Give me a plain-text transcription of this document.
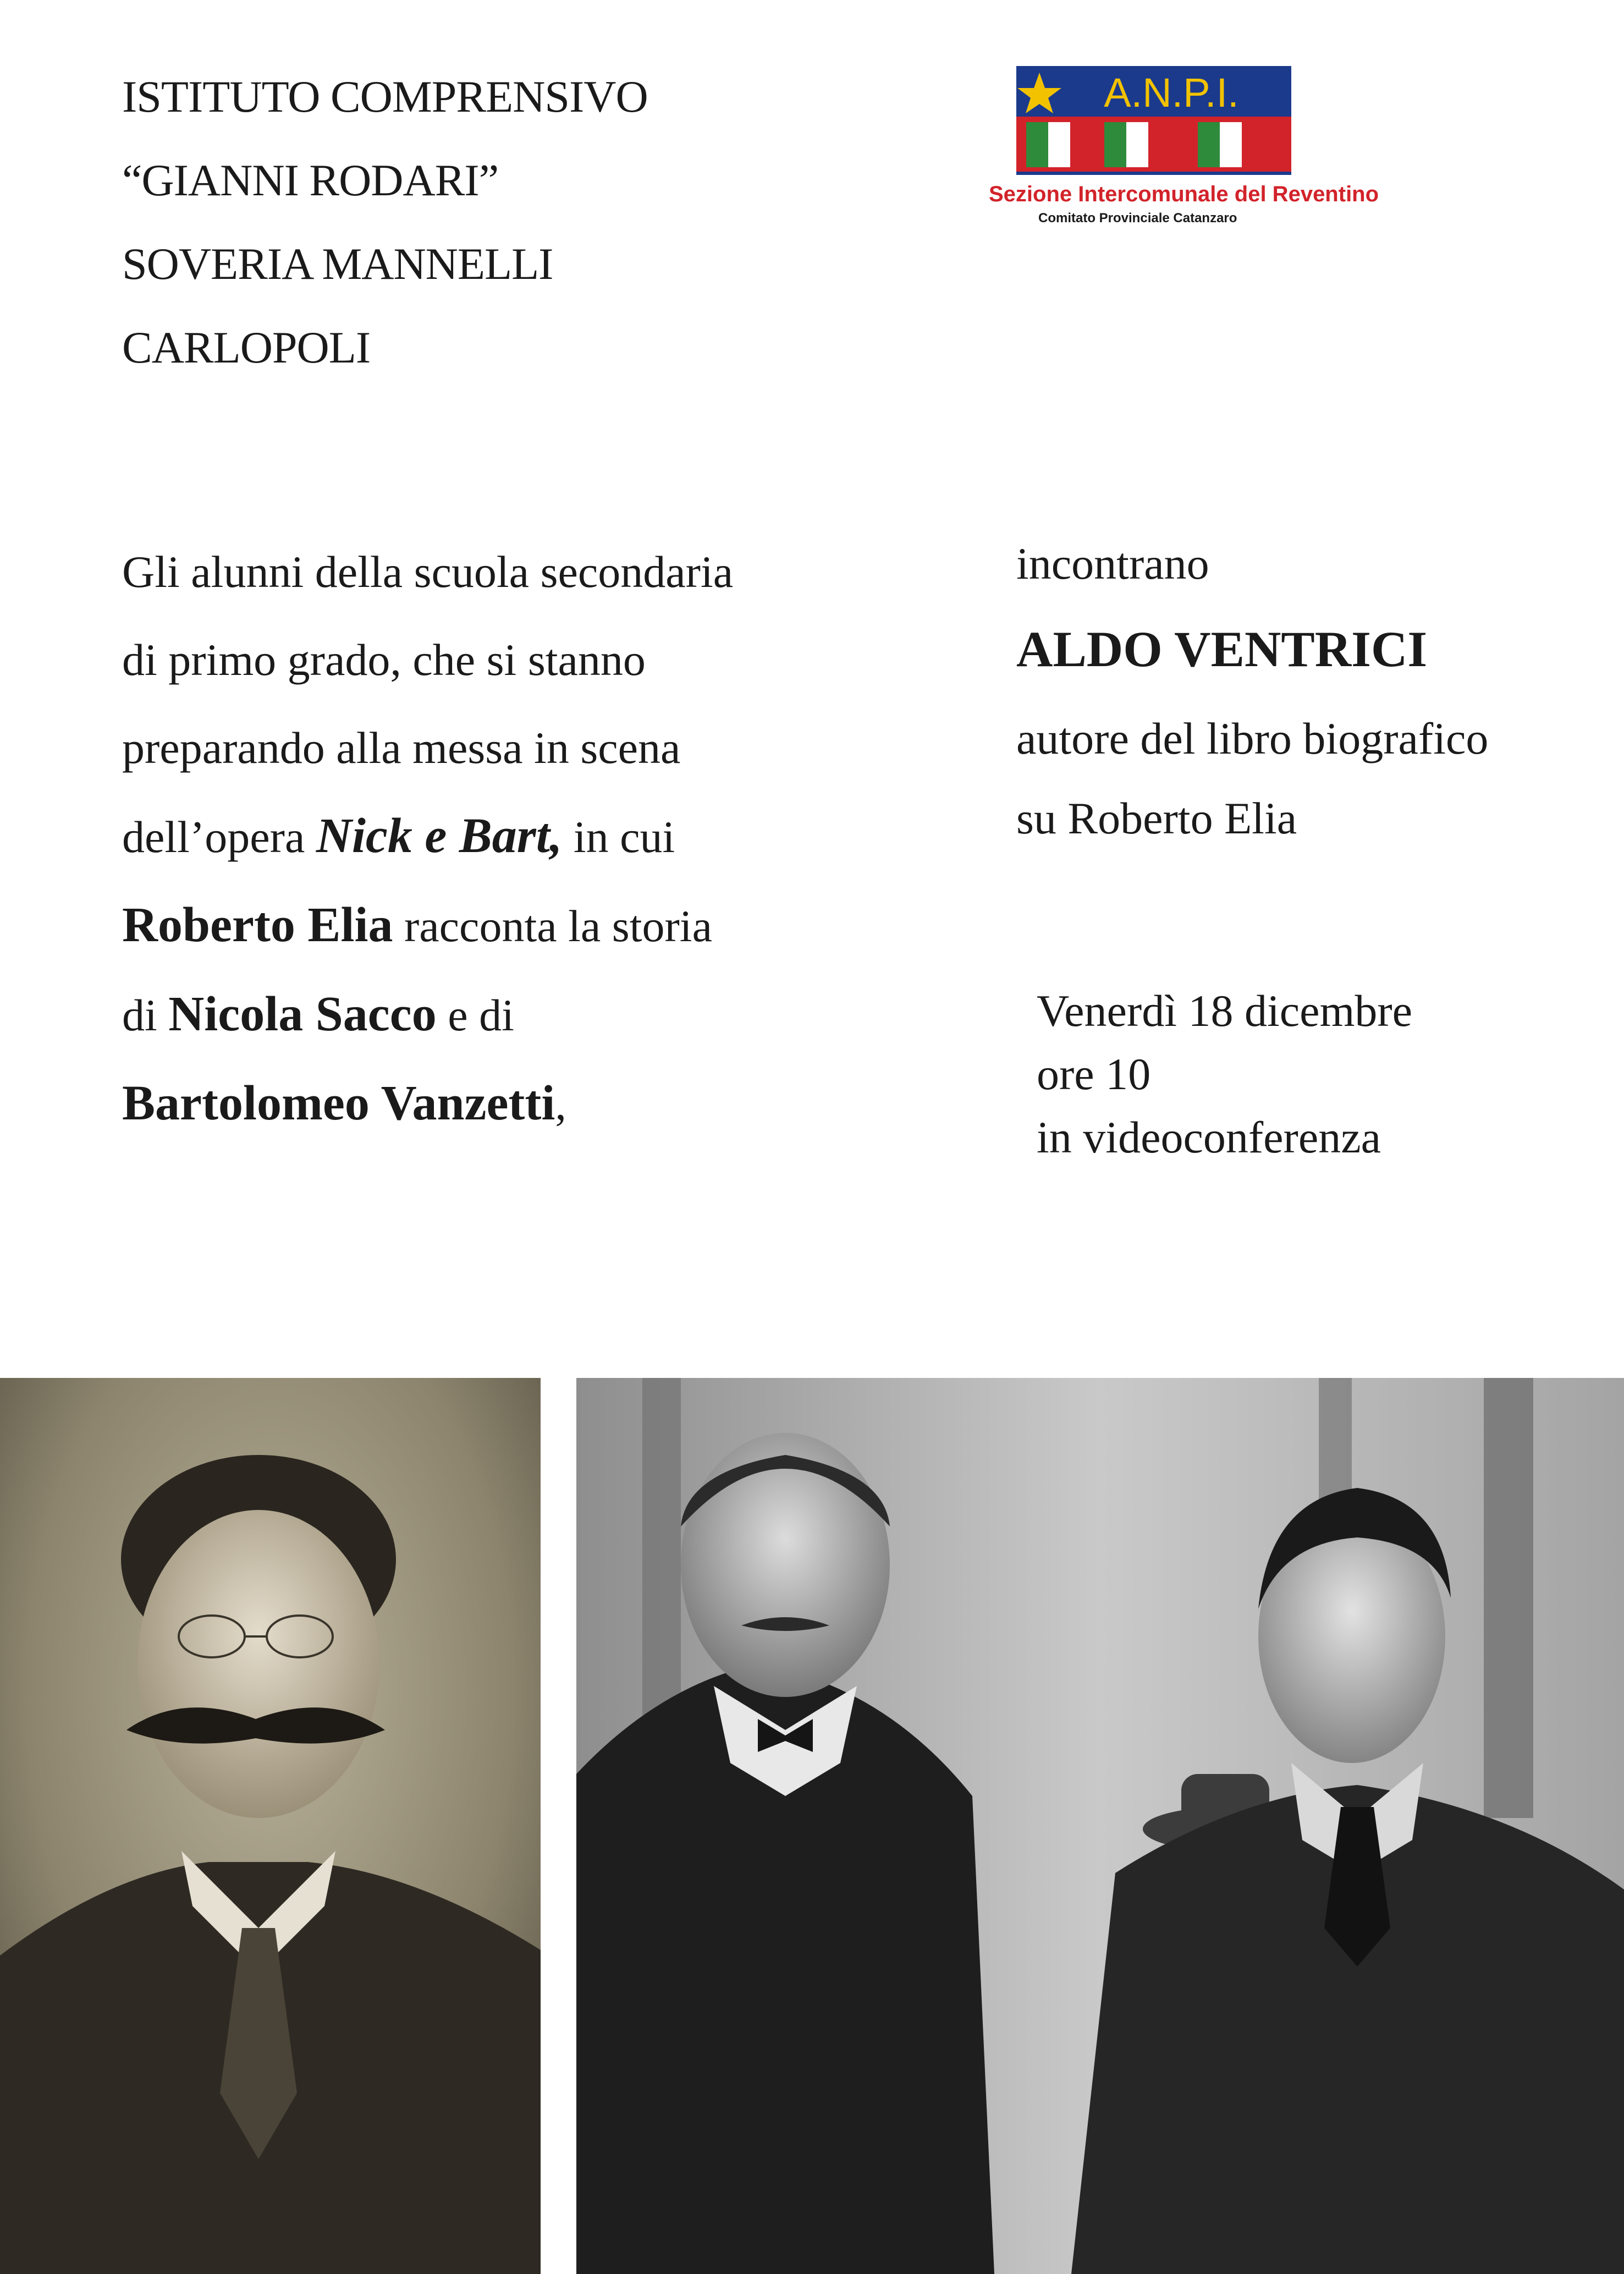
ISTITUTO COMPRENSIVO
“GIANNI RODARI”
SOVERIA MANNELLI
CARLOPOLI
A.N.P.I.
Sezione Intercomunale del Reventino
Comitato Provinciale Catanzaro
Gli alunni della scuola secondaria
di primo grado, che si stanno
preparando alla messa in scena
dell’opera Nick e Bart, in cui
Roberto Elia racconta la storia
di Nicola Sacco e di
Bartolomeo Vanzetti,
incontrano
ALDO VENTRICI
autore del libro biografico
su Roberto Elia
Venerdì 18 dicembre
ore 10
in videoconferenza
